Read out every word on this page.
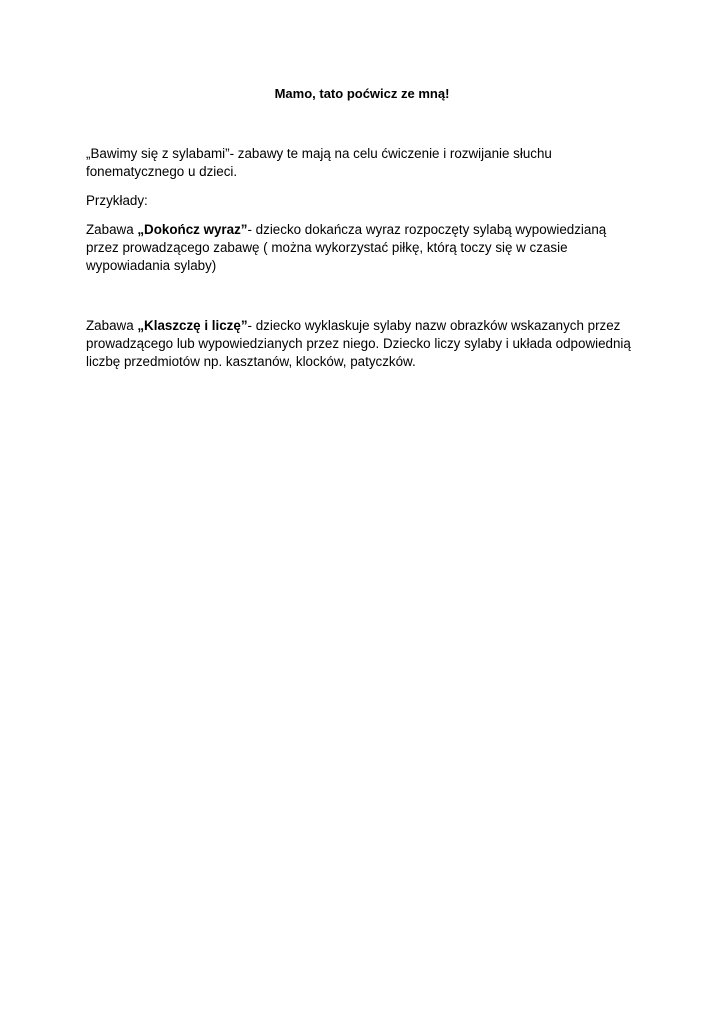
Mamo, tato poćwicz ze mną!

„Bawimy się z sylabami”- zabawy te mają na celu ćwiczenie i rozwijanie słuchu
fonematycznego u dzieci.

Przykłady:

Zabawa „Dokończ wyraz”- dziecko dokańcza wyraz rozpoczęty sylabą wypowiedzianą
przez prowadzącego zabawę ( można wykorzystać piłkę, którą toczy się w czasie
wypowiadania sylaby)

Zabawa „Klaszczę i liczę”- dziecko wyklaskuje sylaby nazw obrazków wskazanych przez
prowadzącego lub wypowiedzianych przez niego. Dziecko liczy sylaby i układa odpowiednią
liczbę przedmiotów np. kasztanów, klocków, patyczków.
